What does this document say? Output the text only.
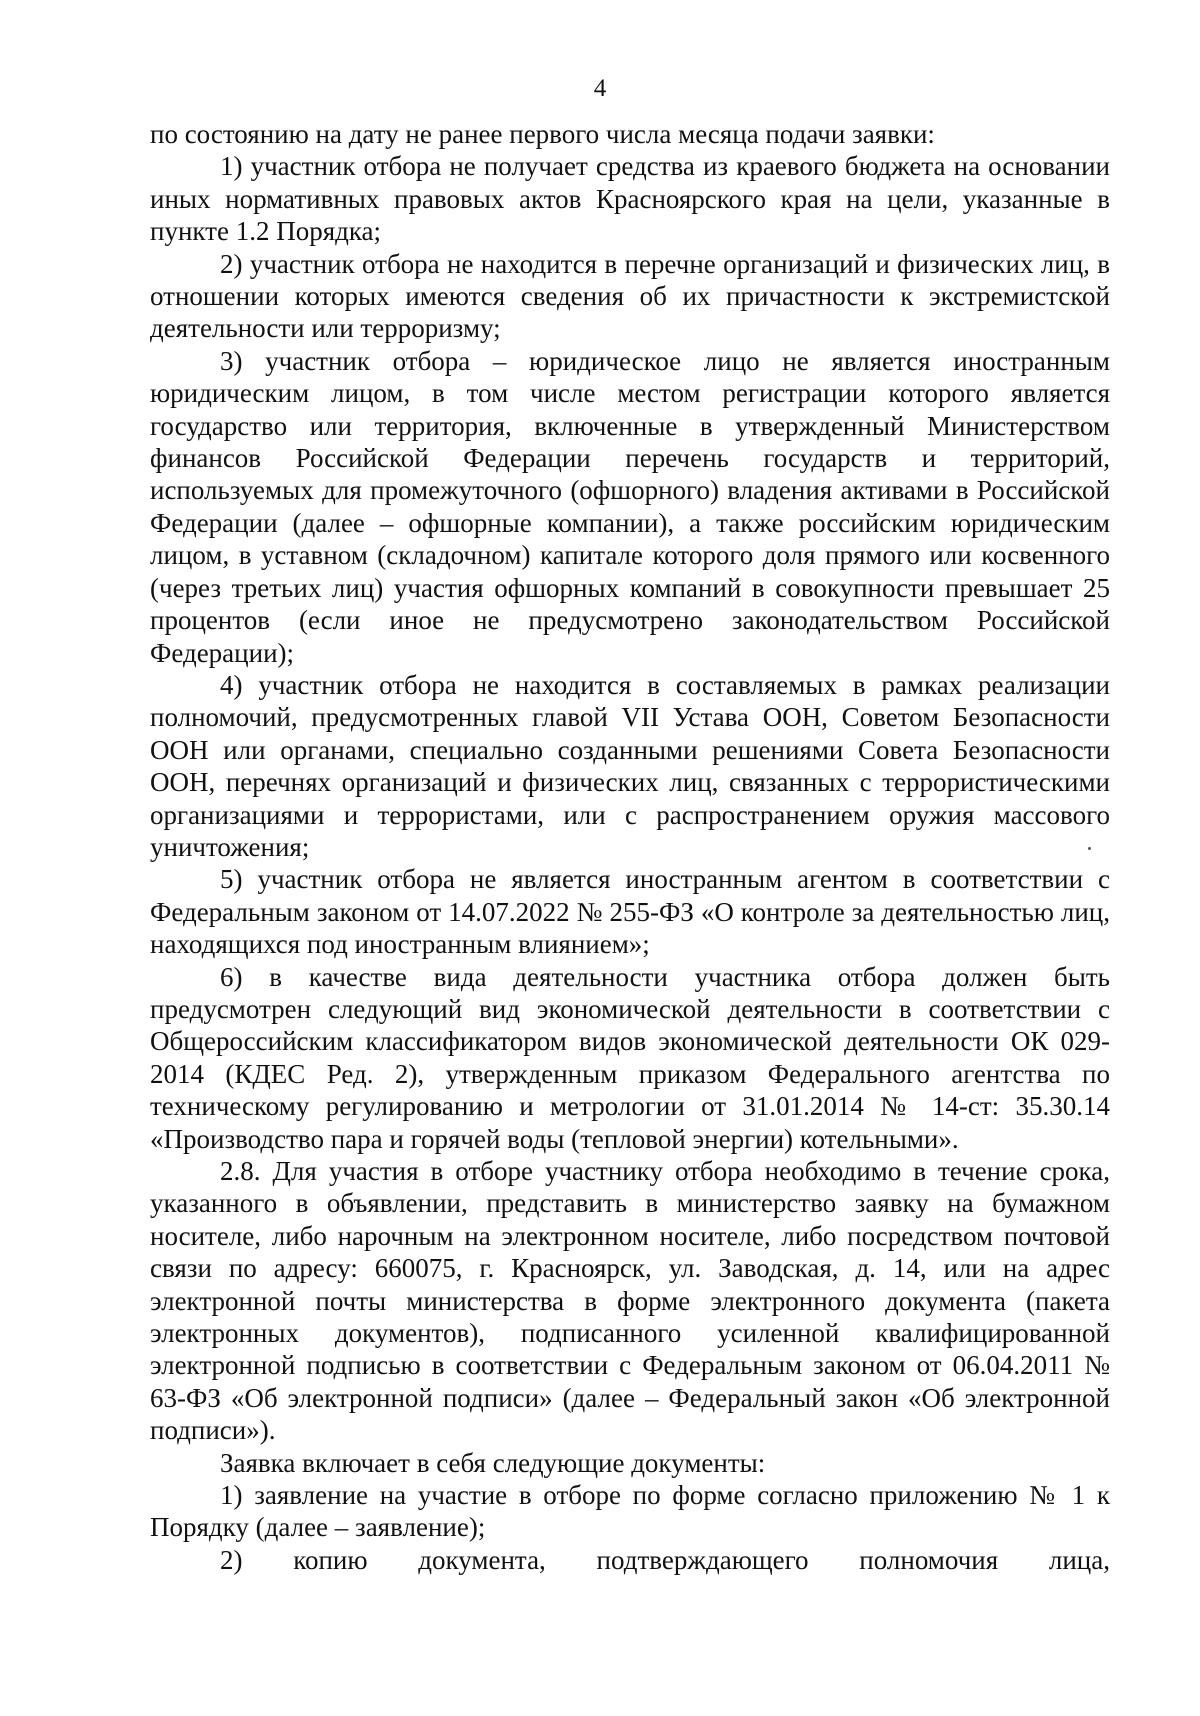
4

по состоянию на дату не ранее первого числа месяца подачи заявки:

1) участник отбора не получает средства из краевого бюджета на основании иных нормативных правовых актов Красноярского края на цели, указанные в пункте 1.2 Порядка;

2) участник отбора не находится в перечне организаций и физических лиц, в отношении которых имеются сведения об их причастности к экстремистской деятельности или терроризму;

3) участник отбора – юридическое лицо не является иностранным юридическим лицом, в том числе местом регистрации которого является государство или территория, включенные в утвержденный Министерством финансов Российской Федерации перечень государств и территорий, используемых для промежуточного (офшорного) владения активами в Российской Федерации (далее – офшорные компании), а также российским юридическим лицом, в уставном (складочном) капитале которого доля прямого или косвенного (через третьих лиц) участия офшорных компаний в совокупности превышает 25 процентов (если иное не предусмотрено законодательством Российской Федерации);

4) участник отбора не находится в составляемых в рамках реализации полномочий, предусмотренных главой VII Устава ООН, Советом Безопасности ООН или органами, специально созданными решениями Совета Безопасности ООН, перечнях организаций и физических лиц, связанных с террористическими организациями и террористами, или с распространением оружия массового уничтожения;

5) участник отбора не является иностранным агентом в соответствии с Федеральным законом от 14.07.2022 № 255-ФЗ «О контроле за деятельностью лиц, находящихся под иностранным влиянием»;

6) в качестве вида деятельности участника отбора должен быть предусмотрен следующий вид экономической деятельности в соответствии с Общероссийским классификатором видов экономической деятельности ОК 029-2014 (КДЕС Ред. 2), утвержденным приказом Федерального агентства по техническому регулированию и метрологии от 31.01.2014 № 14-ст: 35.30.14 «Производство пара и горячей воды (тепловой энергии) котельными».

2.8. Для участия в отборе участнику отбора необходимо в течение срока, указанного в объявлении, представить в министерство заявку на бумажном носителе, либо нарочным на электронном носителе, либо посредством почтовой связи по адресу: 660075, г. Красноярск, ул. Заводская, д. 14, или на адрес электронной почты министерства в форме электронного документа (пакета электронных документов), подписанного усиленной квалифицированной электронной подписью в соответствии с Федеральным законом от 06.04.2011 № 63-ФЗ «Об электронной подписи» (далее – Федеральный закон «Об электронной подписи»).

Заявка включает в себя следующие документы:

1) заявление на участие в отборе по форме согласно приложению № 1 к Порядку (далее – заявление);

2) копию документа, подтверждающего полномочия лица,
